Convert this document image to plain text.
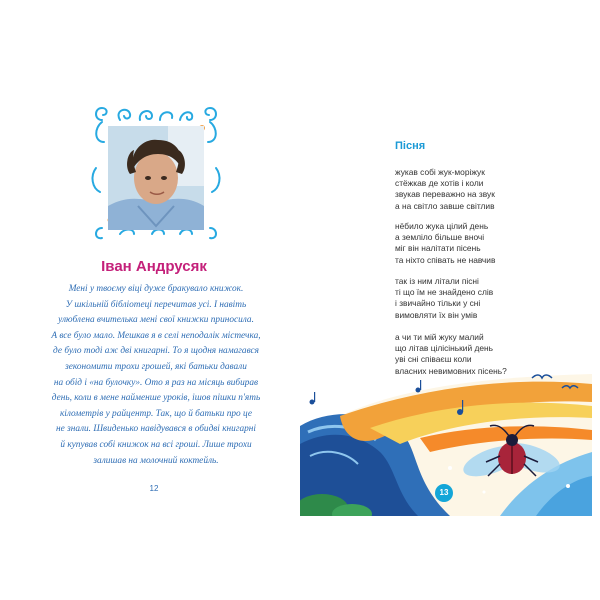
Іван Андрусяк
Мені у твоєму віці дуже бракувало книжок.
У шкільній бібліотеці перечитав усі. І навіть
улюблена вчителька мені свої книжки приносила.
А все було мало. Мешкав я в селі неподалік містечка,
де було тоді аж дві книгарні. То я щодня намагався
зекономити трохи грошей, які батьки давали
на обід і «на булочку». Ото я раз на місяць вибирав
день, коли в мене найменше уроків, ішов пішки п'ять
кілометрів у райцентр. Так, що й батьки про це
не знали. Швиденько навідувався в обидві книгарні
й купував собі книжок на всі гроші. Лише трохи
залишав на молочний коктейль.
12
Пісня
жукав собі жук-моріжук
стёжкав де хотів і коли
звукав переважно на звук
а на світло завше світлив
нёбило жука цілий день
а землілo більше вночі
міг він налітати пісень
та ніхто співать не навчив
так із ним літали пісні
ті що їм не знайдено слів
і звичайно тільки у сні
вимовляти їх він умів
а чи ти мій жуку малий
що літав цілісінький день
уві сні співаєш коли
власних невимовних пісень?
13
